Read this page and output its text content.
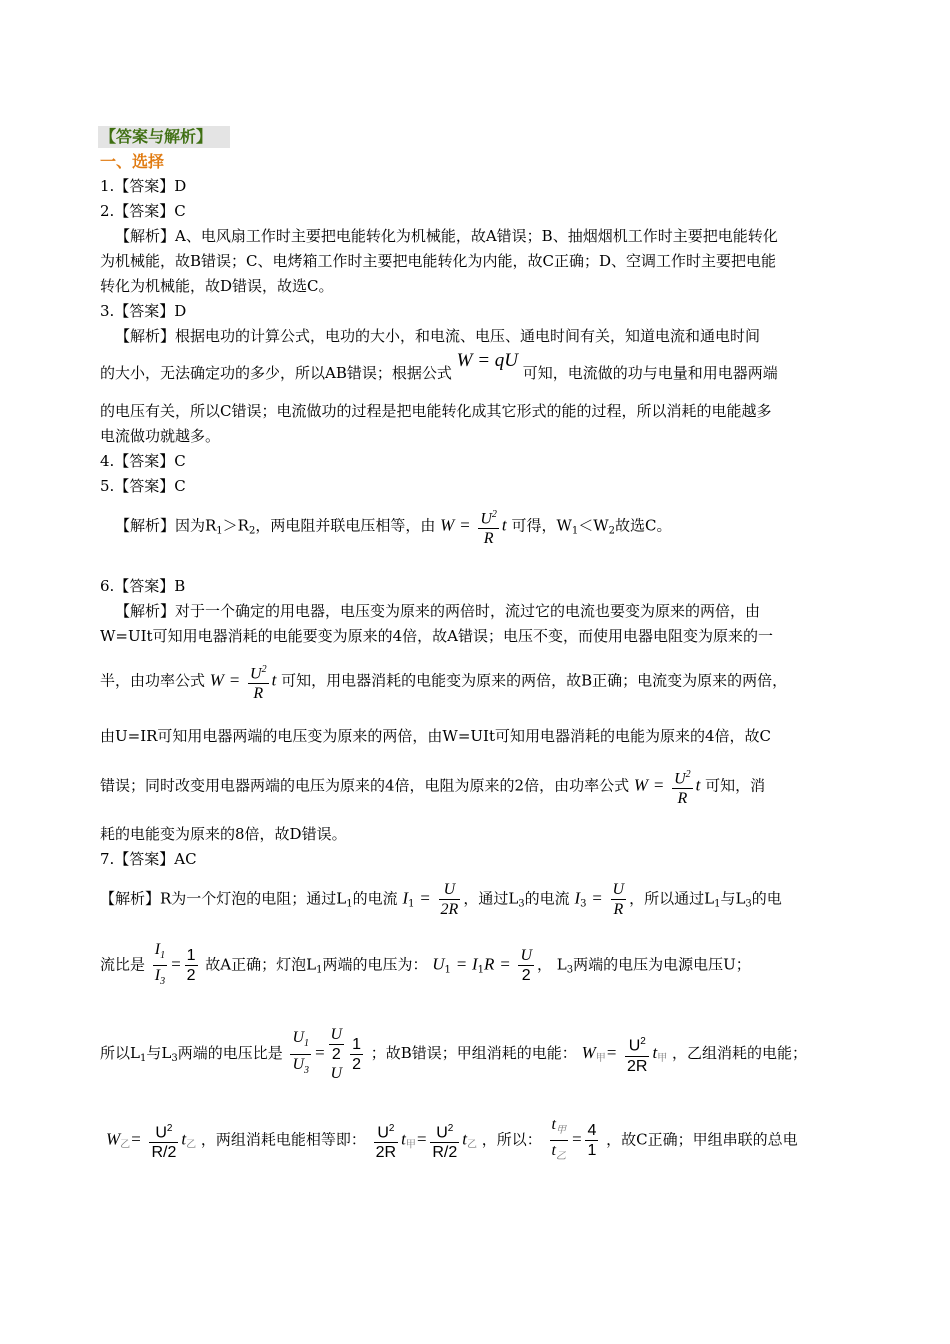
【答案与解析】
一、选择
1.【答案】D
2.【答案】C
【解析】A、电风扇工作时主要把电能转化为机械能，故A错误；B、抽烟烟机工作时主要把电能转化
为机械能，故B错误；C、电烤箱工作时主要把电能转化为内能，故C正确；D、空调工作时主要把电能
转化为机械能，故D错误，故选C。
3.【答案】D
【解析】根据电功的计算公式，电功的大小，和电流、电压、通电时间有关，知道电流和通电时间
的大小，无法确定功的多少，所以AB错误；根据公式 W = qU 可知，电流做的功与电量和用电器两端
的电压有关，所以C错误；电流做功的过程是把电能转化成其它形式的能的过程，所以消耗的电能越多
电流做功就越多。
4.【答案】C
5.【答案】C
【解析】因为$R_1>R_2$，两电阻并联电压相等，由 $W = \frac{U^2}{R}$ t 可得，$W_1<W_2$故选C。
6.【答案】B
【解析】对于一个确定的用电器，电压变为原来的两倍时，流过它的电流也要变为原来的两倍，由
W=UIt可知用电器消耗的电能要变为原来的4倍，故A错误；电压不变，而使用电器电阻变为原来的一
半，由功率公式 $W = \frac{U^2}{R}$ t 可知，用电器消耗的电能变为原来的两倍，故B正确；电流变为原来的两倍，
由U=IR可知用电器两端的电压变为原来的两倍，由W=UIt可知用电器消耗的电能为原来的4倍，故C
错误；同时改变用电器两端的电压为原来的4倍，电阻为原来的2倍，由功率公式 $W = \frac{U^2}{R}$ t 可知，消
耗的电能变为原来的8倍，故D错误。
7.【答案】AC
【解析】R为一个灯泡的电阻；通过$L_1$的电流 $I_1 = \frac{U}{2R}$ ，通过$L_3$的电流 $I_3 = \frac{U}{R}$ ，所以通过$L_1$与$L_3$的电
流比是 $\frac{I_1}{I_3} = \frac{1}{2}$ 故A正确；灯泡$L_1$两端的电压为： $U_1 = I_1R = \frac{U}{2}$ ， $L_3$两端的电压为电源电压U；
所以$L_1$与$L_3$两端的电压比是 $\frac{U_1}{U_3}$ =
U
2
U $\frac{1}{2}$ ；故B错误；甲组消耗的电能： $W_甲= \frac{U^2}{2R} t_甲$ ，乙组消耗的电能；
$W_乙= \frac{U^2}{R/2} t_乙$ ，两组消耗电能相等即： $\frac{U^2}{2R} t_甲= \frac{U^2}{R/2} t_乙$ ，所以： $\frac{t_甲}{t_乙} = \frac{4}{1}$ ，故C正确；甲组串联的总电
